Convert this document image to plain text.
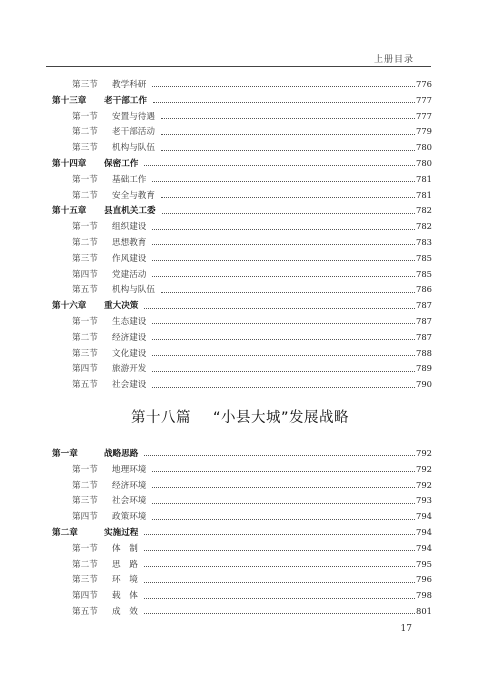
上册目录
第三节	教学科研	776
第十三章	老干部工作	777
第一节	安置与待遇	777
第二节	老干部活动	779
第三节	机构与队伍	780
第十四章	保密工作	780
第一节	基础工作	781
第二节	安全与教育	781
第十五章	县直机关工委	782
第一节	组织建设	782
第二节	思想教育	783
第三节	作风建设	785
第四节	党建活动	785
第五节	机构与队伍	786
第十六章	重大决策	787
第一节	生态建设	787
第二节	经济建设	787
第三节	文化建设	788
第四节	旅游开发	789
第五节	社会建设	790
第十八篇 “小县大城”发展战略
第一章	战略思路	792
第一节	地理环境	792
第二节	经济环境	792
第三节	社会环境	793
第四节	政策环境	794
第二章	实施过程	794
第一节	体　制	794
第二节	思　路	795
第三节	环　境	796
第四节	载　体	798
第五节	成　效	801
17
